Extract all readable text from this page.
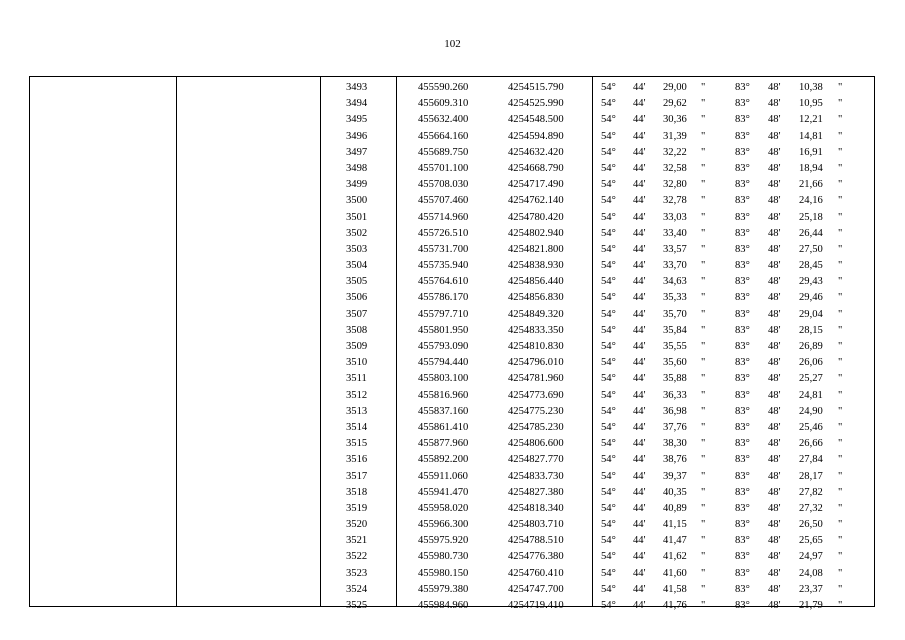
102
3493	455590.260	4254515.790	54° 44' 29,00 "	83° 48' 10,38 "
3494	455609.310	4254525.990	54° 44' 29,62 "	83° 48' 10,95 "
3495	455632.400	4254548.500	54° 44' 30,36 "	83° 48' 12,21 "
3496	455664.160	4254594.890	54° 44' 31,39 "	83° 48' 14,81 "
3497	455689.750	4254632.420	54° 44' 32,22 "	83° 48' 16,91 "
3498	455701.100	4254668.790	54° 44' 32,58 "	83° 48' 18,94 "
3499	455708.030	4254717.490	54° 44' 32,80 "	83° 48' 21,66 "
3500	455707.460	4254762.140	54° 44' 32,78 "	83° 48' 24,16 "
3501	455714.960	4254780.420	54° 44' 33,03 "	83° 48' 25,18 "
3502	455726.510	4254802.940	54° 44' 33,40 "	83° 48' 26,44 "
3503	455731.700	4254821.800	54° 44' 33,57 "	83° 48' 27,50 "
3504	455735.940	4254838.930	54° 44' 33,70 "	83° 48' 28,45 "
3505	455764.610	4254856.440	54° 44' 34,63 "	83° 48' 29,43 "
3506	455786.170	4254856.830	54° 44' 35,33 "	83° 48' 29,46 "
3507	455797.710	4254849.320	54° 44' 35,70 "	83° 48' 29,04 "
3508	455801.950	4254833.350	54° 44' 35,84 "	83° 48' 28,15 "
3509	455793.090	4254810.830	54° 44' 35,55 "	83° 48' 26,89 "
3510	455794.440	4254796.010	54° 44' 35,60 "	83° 48' 26,06 "
3511	455803.100	4254781.960	54° 44' 35,88 "	83° 48' 25,27 "
3512	455816.960	4254773.690	54° 44' 36,33 "	83° 48' 24,81 "
3513	455837.160	4254775.230	54° 44' 36,98 "	83° 48' 24,90 "
3514	455861.410	4254785.230	54° 44' 37,76 "	83° 48' 25,46 "
3515	455877.960	4254806.600	54° 44' 38,30 "	83° 48' 26,66 "
3516	455892.200	4254827.770	54° 44' 38,76 "	83° 48' 27,84 "
3517	455911.060	4254833.730	54° 44' 39,37 "	83° 48' 28,17 "
3518	455941.470	4254827.380	54° 44' 40,35 "	83° 48' 27,82 "
3519	455958.020	4254818.340	54° 44' 40,89 "	83° 48' 27,32 "
3520	455966.300	4254803.710	54° 44' 41,15 "	83° 48' 26,50 "
3521	455975.920	4254788.510	54° 44' 41,47 "	83° 48' 25,65 "
3522	455980.730	4254776.380	54° 44' 41,62 "	83° 48' 24,97 "
3523	455980.150	4254760.410	54° 44' 41,60 "	83° 48' 24,08 "
3524	455979.380	4254747.700	54° 44' 41,58 "	83° 48' 23,37 "
3525	455984.960	4254719.410	54° 44' 41,76 "	83° 48' 21,79 "
